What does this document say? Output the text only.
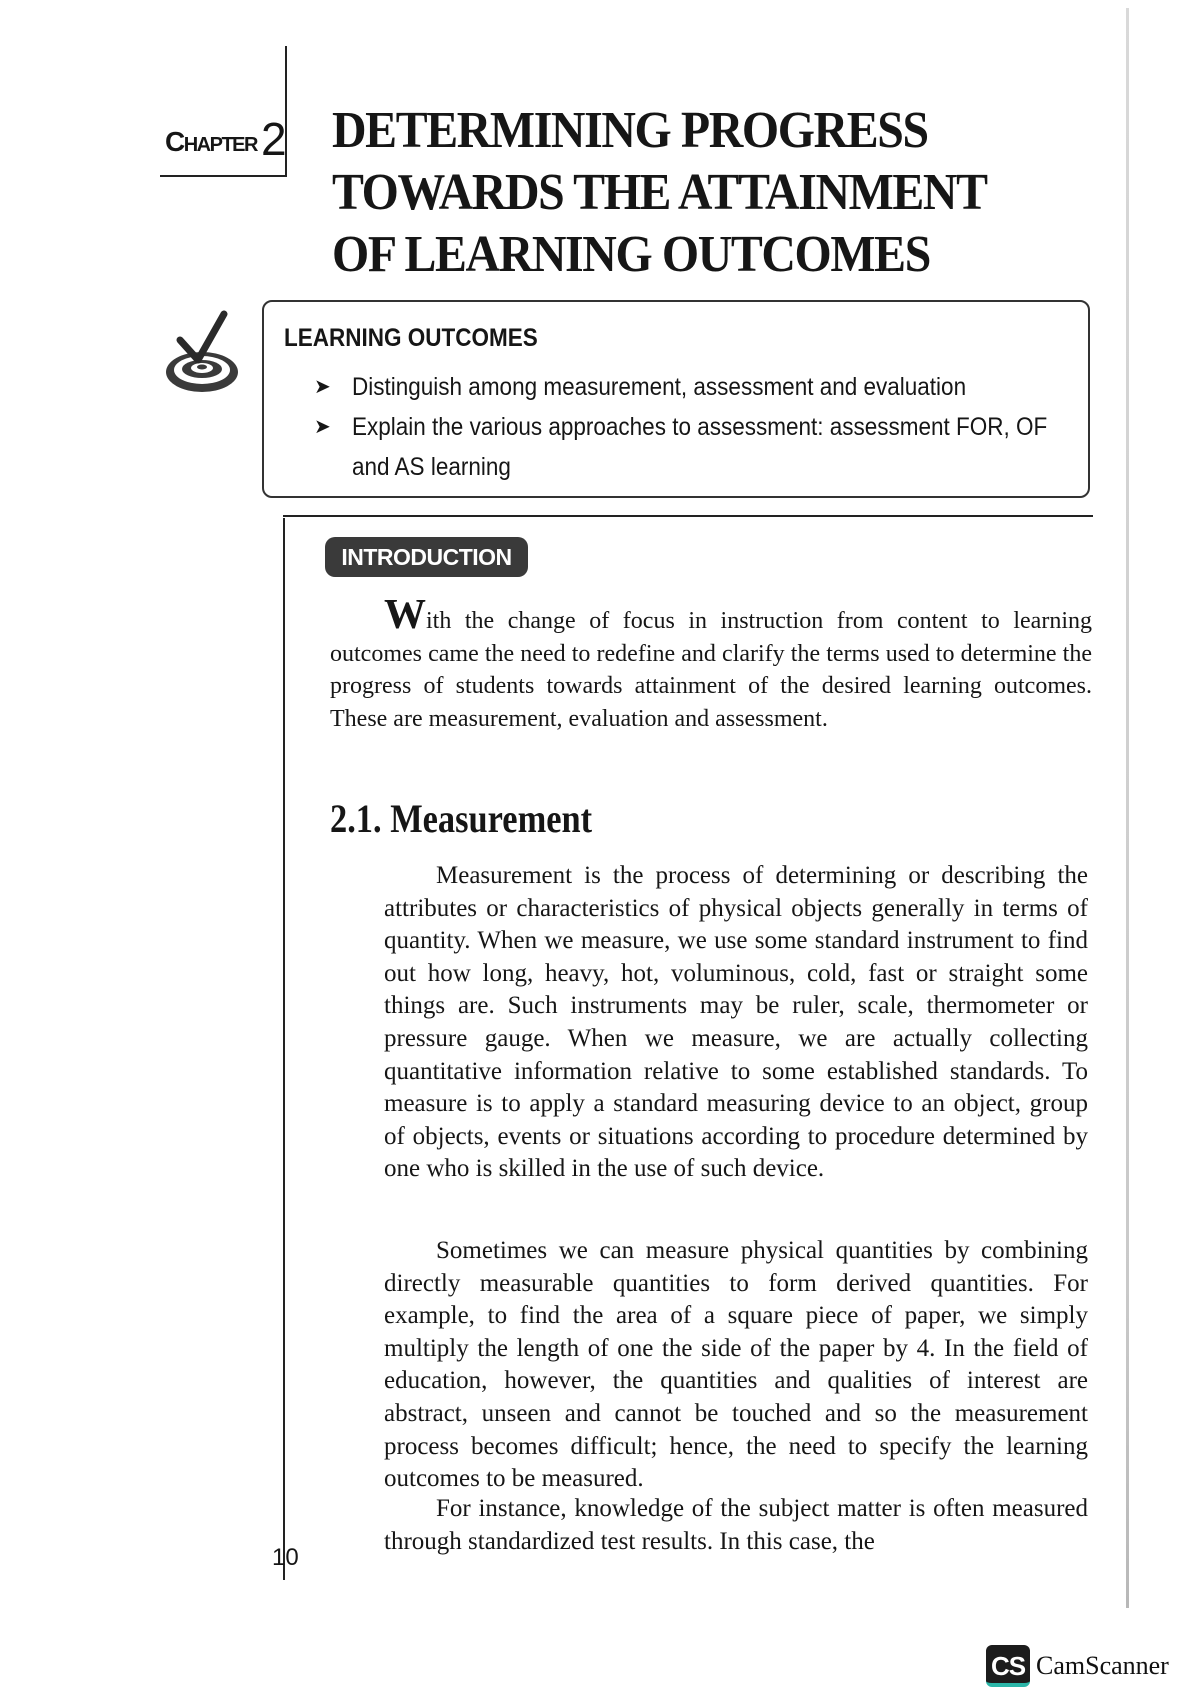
Chapter2 DETERMINING PROGRESS
TOWARDS THE ATTAINMENT
OF LEARNING OUTCOMES
LEARNING OUTCOMES
➤ Distinguish among measurement, assessment and evaluation
➤ Explain the various approaches to assessment: assessment FOR, OF and AS learning
INTRODUCTION

With the change of focus in instruction from content to learning outcomes came the need to redefine and clarify the terms used to determine the progress of students towards attainment of the desired learning outcomes. These are measurement, evaluation and assessment.

2.1. Measurement

Measurement is the process of determining or describing the attributes or characteristics of physical objects generally in terms of quantity. When we measure, we use some standard instrument to find out how long, heavy, hot, voluminous, cold, fast or straight some things are. Such instruments may be ruler, scale, thermometer or pressure gauge. When we measure, we are actually collecting quantitative information relative to some established standards. To measure is to apply a standard measuring device to an object, group of objects, events or situations according to procedure determined by one who is skilled in the use of such device.

Sometimes we can measure physical quantities by combining directly measurable quantities to form derived quantities. For example, to find the area of a square piece of paper, we simply multiply the length of one the side of the paper by 4. In the field of education, however, the quantities and qualities of interest are abstract, unseen and cannot be touched and so the measurement process becomes difficult; hence, the need to specify the learning outcomes to be measured.

For instance, knowledge of the subject matter is often measured through standardized test results. In this case, the

10
CS CamScanner
